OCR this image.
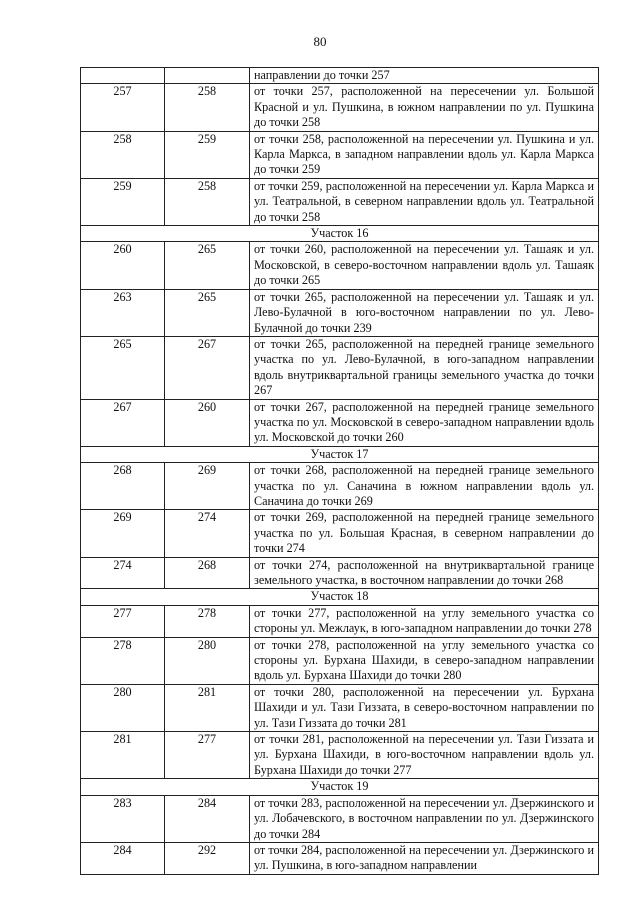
80
		направлении до точки 257
257	258	от точки 257, расположенной на пересечении ул. Большой Красной и ул. Пушкина, в южном направлении по ул. Пушкина до точки 258
258	259	от точки 258, расположенной на пересечении ул. Пушкина и ул. Карла Маркса, в западном направлении вдоль ул. Карла Маркса до точки 259
259	258	от точки 259, расположенной на пересечении ул. Карла Маркса и ул. Театральной, в северном направлении вдоль ул. Театральной до точки 258
Участок 16		
260	265	от точки 260, расположенной на пересечении ул. Ташаяк и ул. Московской, в северо-восточном направлении вдоль ул. Ташаяк до точки 265
263	265	от точки 265, расположенной на пересечении ул. Ташаяк и ул. Лево-Булачной в юго-восточном направлении по ул. Лево-Булачной до точки 239
265	267	от точки 265, расположенной на передней границе земельного участка по ул. Лево-Булачной, в юго-западном направлении вдоль внутриквартальной границы земельного участка до точки 267
267	260	от точки 267, расположенной на передней границе земельного участка по ул. Московской в северо-западном направлении вдоль ул. Московской до точки 260
Участок 17		
268	269	от точки 268, расположенной на передней границе земельного участка по ул. Саначина в южном направлении вдоль ул. Саначина до точки 269
269	274	от точки 269, расположенной на передней границе земельного участка по ул. Большая Красная, в северном направлении до точки 274
274	268	от точки 274, расположенной на внутриквартальной границе земельного участка, в восточном направлении до точки 268
Участок 18		
277	278	от точки 277, расположенной на углу земельного участка со стороны ул. Межлаук, в юго-западном направлении до точки 278
278	280	от точки 278, расположенной на углу земельного участка со стороны ул. Бурхана Шахиди, в северо-западном направлении вдоль ул. Бурхана Шахиди до точки 280
280	281	от точки 280, расположенной на пересечении ул. Бурхана Шахиди и ул. Тази Гиззата, в северо-восточном направлении по ул. Тази Гиззата до точки 281
281	277	от точки 281, расположенной на пересечении ул. Тази Гиззата и ул. Бурхана Шахиди, в юго-восточном направлении вдоль ул. Бурхана Шахиди до точки 277
Участок 19		
283	284	от точки 283, расположенной на пересечении ул. Дзержинского и ул. Лобачевского, в восточном направлении по ул. Дзержинского до точки 284
284	292	от точки 284, расположенной на пересечении ул. Дзержинского и ул. Пушкина, в юго-западном направлении
